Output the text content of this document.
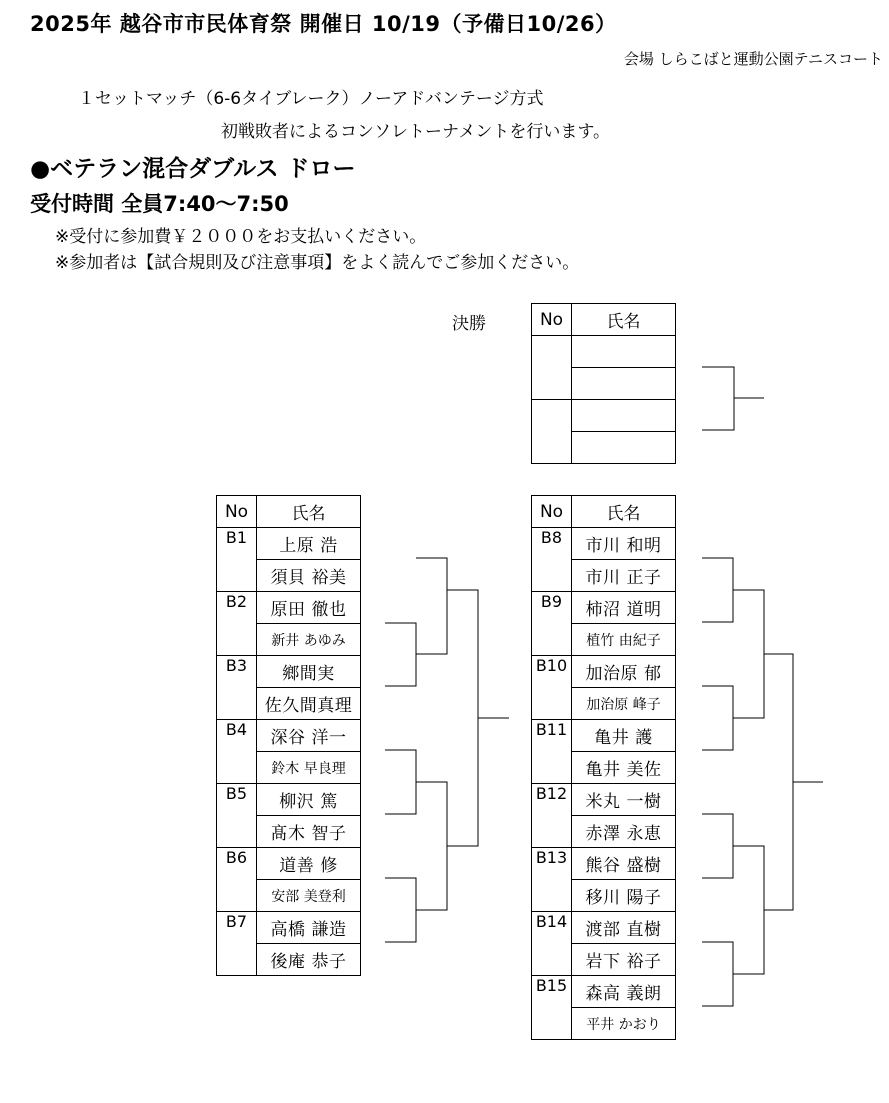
2025年 越谷市市民体育祭 開催日 10/19（予備日10/26）
会場 しらこばと運動公園テニスコート
１セットマッチ（6-6タイブレーク）ノーアドバンテージ方式
初戦敗者によるコンソレトーナメントを行います。
●ベテラン混合ダブルス ドロー
受付時間 全員7:40～7:50
※受付に参加費￥２０００をお支払いください。
※参加者は【試合規則及び注意事項】をよく読んでご参加ください。
決勝	No	氏名

No	氏名
B1	上原 浩
	須貝 裕美
B2	原田 徹也
	新井 あゆみ
B3	鄉間実
	佐久間真理
B4	深谷 洋一
	鈴木 早良理
B5	柳沢 篤
	髙木 智子
B6	道善 修
	安部 美登利
B7	高橋 謙造
	後庵 恭子
No	氏名
B8	市川 和明
	市川 正子
B9	柿沼 道明
	植竹 由紀子
B10	加治原 郁
	加治原 峰子
B11	亀井 護
	亀井 美佐
B12	米丸 一樹
	赤澤 永恵
B13	熊谷 盛樹
	移川 陽子
B14	渡部 直樹
	岩下 裕子
B15	森高 義朗
	平井 かおり
